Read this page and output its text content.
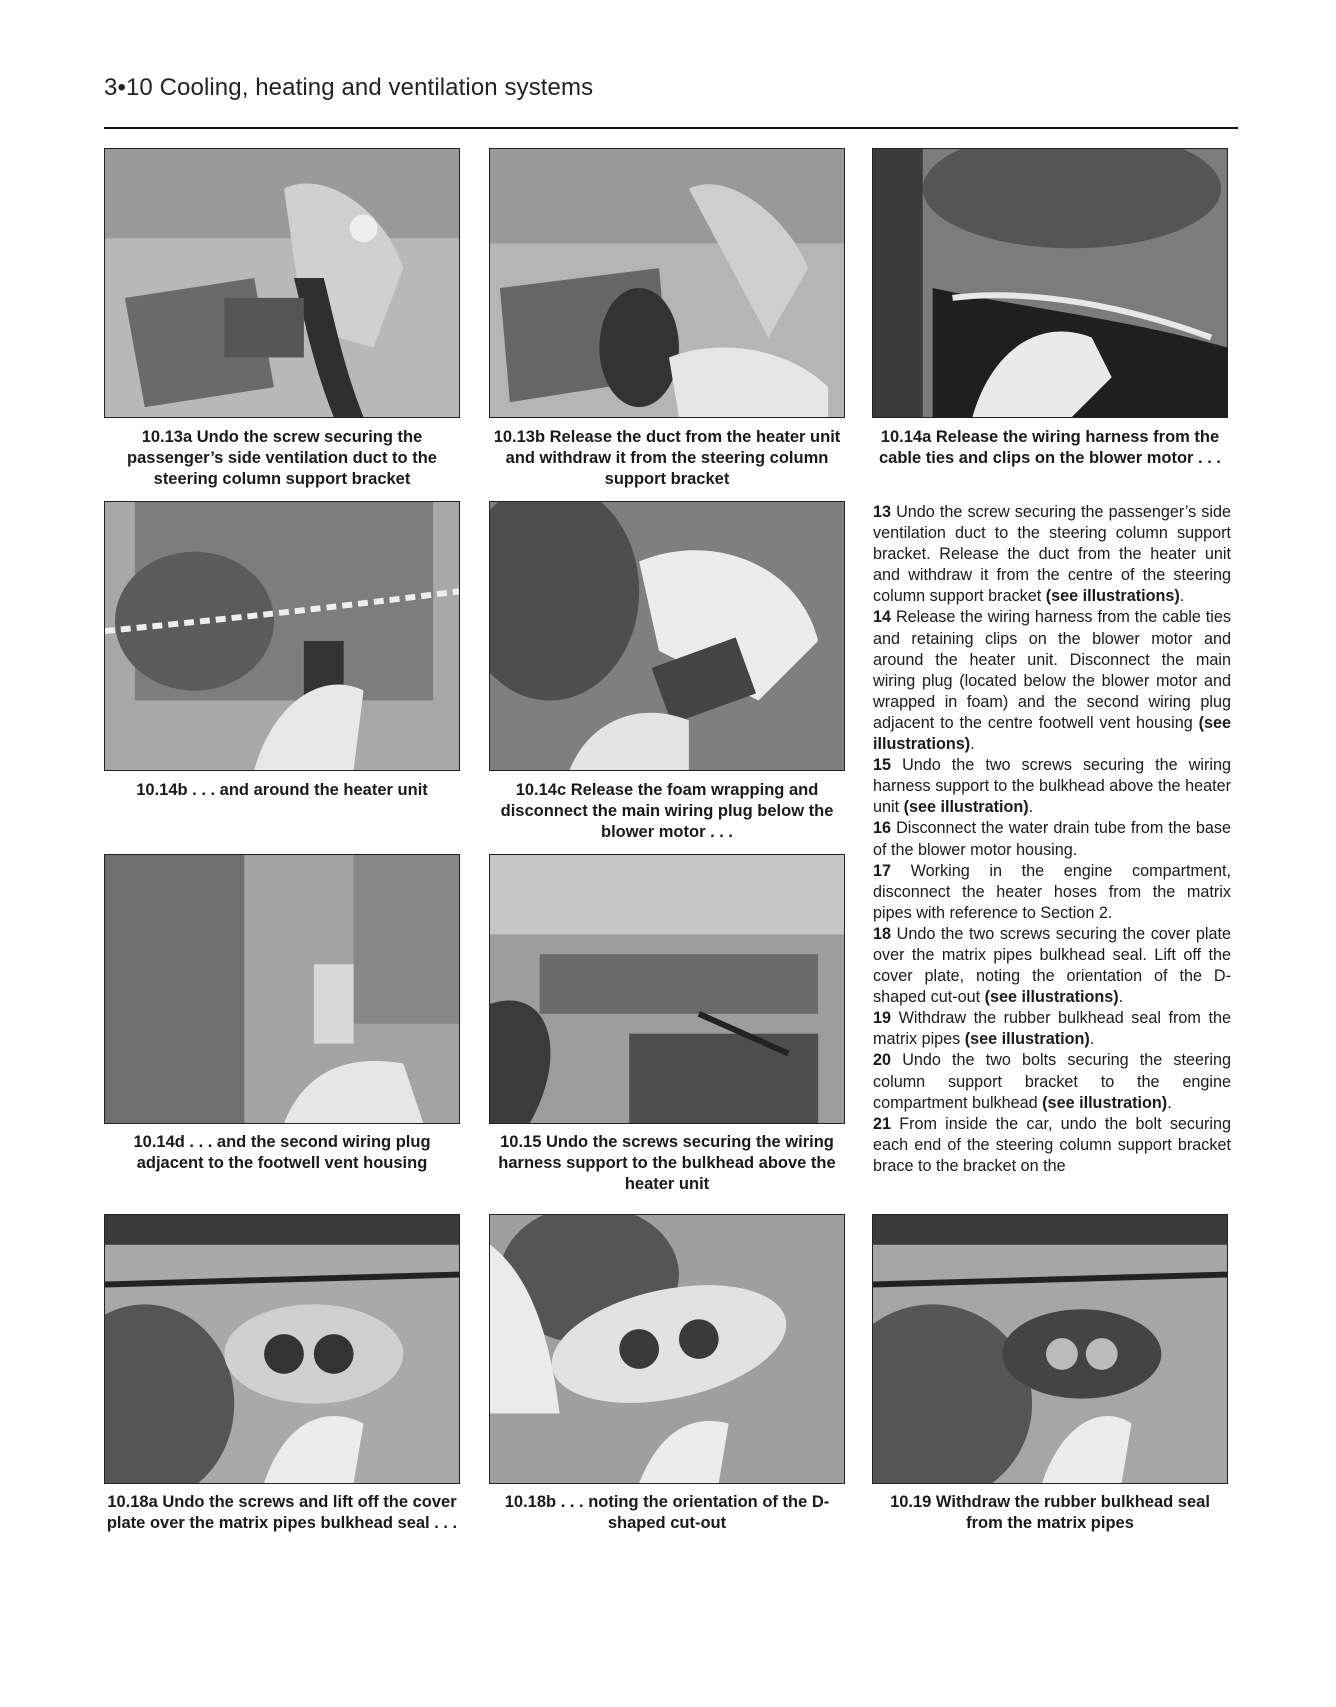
3•10 Cooling, heating and ventilation systems
10.13a Undo the screw securing the passenger’s side ventilation duct to the steering column support bracket
10.13b Release the duct from the heater unit and withdraw it from the steering column support bracket
10.14a Release the wiring harness from the cable ties and clips on the blower motor . . .
10.14b . . . and around the heater unit	10.14c Release the foam wrapping and disconnect the main wiring plug below the blower motor . . .
10.14d . . . and the second wiring plug adjacent to the footwell vent housing
10.15 Undo the screws securing the wiring harness support to the bulkhead above the heater unit
10.18a Undo the screws and lift off the cover plate over the matrix pipes bulkhead seal . . .
10.18b . . . noting the orientation of the D-shaped cut-out
10.19 Withdraw the rubber bulkhead seal from the matrix pipes

13 Undo the screw securing the passenger’s side ventilation duct to the steering column support bracket. Release the duct from the heater unit and withdraw it from the centre of the steering column support bracket (see illustrations).

14 Release the wiring harness from the cable ties and retaining clips on the blower motor and around the heater unit. Disconnect the main wiring plug (located below the blower motor and wrapped in foam) and the second wiring plug adjacent to the centre footwell vent housing (see illustrations).

15 Undo the two screws securing the wiring harness support to the bulkhead above the heater unit (see illustration).

16 Disconnect the water drain tube from the base of the blower motor housing.

17 Working in the engine compartment, disconnect the heater hoses from the matrix pipes with reference to Section 2.

18 Undo the two screws securing the cover plate over the matrix pipes bulkhead seal. Lift off the cover plate, noting the orientation of the D-shaped cut-out (see illustrations).

19 Withdraw the rubber bulkhead seal from the matrix pipes (see illustration).

20 Undo the two bolts securing the steering column support bracket to the engine compartment bulkhead (see illustration).

21 From inside the car, undo the bolt securing each end of the steering column support bracket brace to the bracket on the
